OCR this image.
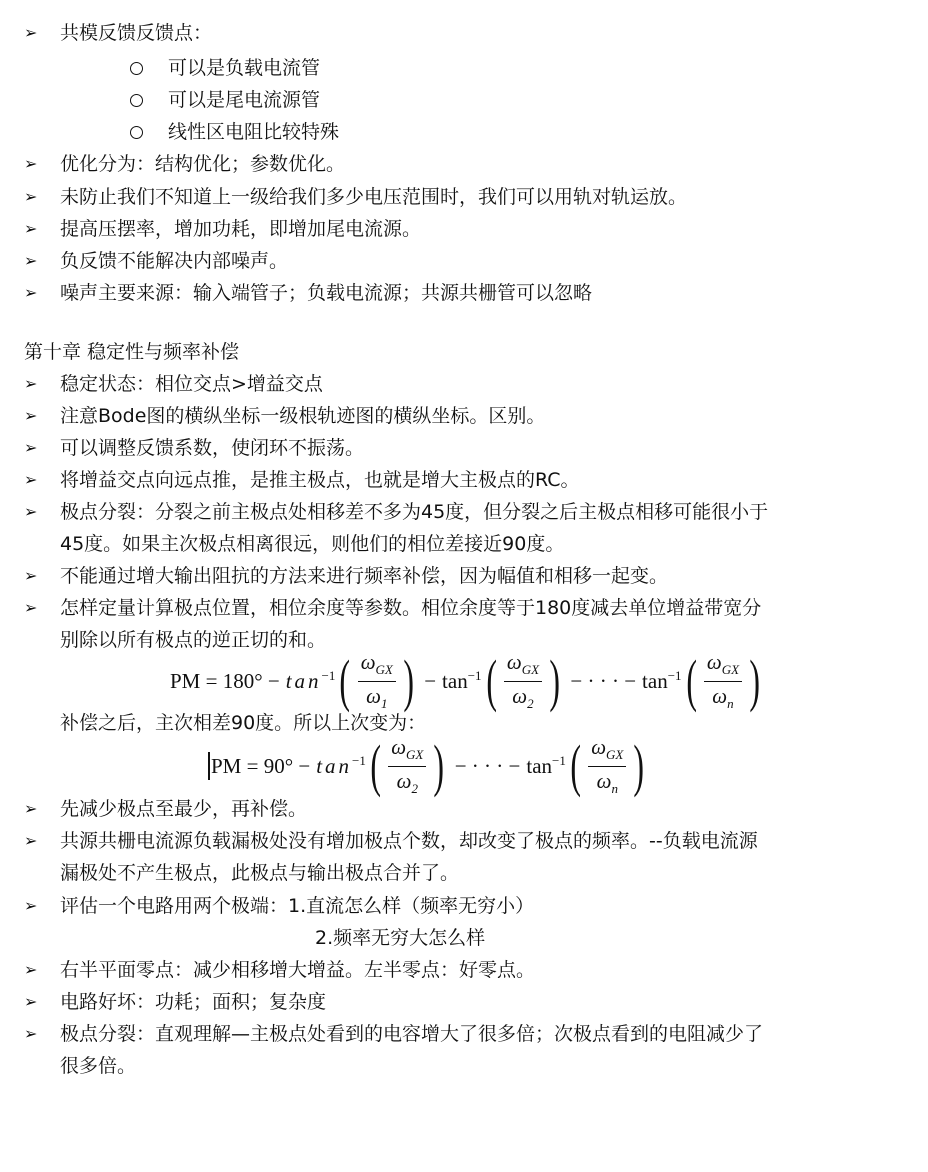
➢ 共模反馈反馈点：
可以是负载电流管
可以是尾电流源管
线性区电阻比较特殊
➢ 优化分为：结构优化；参数优化。
➢ 未防止我们不知道上一级给我们多少电压范围时，我们可以用轨对轨运放。
➢ 提高压摆率，增加功耗，即增加尾电流源。
➢ 负反馈不能解决内部噪声。
➢ 噪声主要来源：输入端管子；负载电流源；共源共栅管可以忽略
第十章 稳定性与频率补偿
➢ 稳定状态：相位交点>增益交点
➢ 注意Bode图的横纵坐标一级根轨迹图的横纵坐标。区别。
➢ 可以调整反馈系数，使闭环不振荡。
➢ 将增益交点向远点推，是推主极点，也就是增大主极点的RC。
➢ 极点分裂：分裂之前主极点处相移差不多为45度，但分裂之后主极点相移可能很小于
45度。如果主次极点相离很远，则他们的相位差接近90度。
➢ 不能通过增大输出阻抗的方法来进行频率补偿，因为幅值和相移一起变。
➢ 怎样定量计算极点位置，相位余度等参数。相位余度等于180度减去单位增益带宽分
别除以所有极点的逆正切的和。
PM = $180^\circ - \tan^{-1}$ ( $\frac{\omega_{GX}}{\omega_1}$ ) − $\tan^{-1}$ ( $\frac{\omega_{GX}}{\omega_2}$ ) − · · · − $\tan^{-1}$ ( $\frac{\omega_{GX}}{\omega_n}$ )
补偿之后，主次相差90度。所以上次变为：
PM = $90^\circ - \tan^{-1}$ ( $\frac{\omega_{GX}}{\omega_2}$ ) − · · · − $\tan^{-1}$ ( $\frac{\omega_{GX}}{\omega_n}$ )
➢ 先减少极点至最少，再补偿。
➢ 共源共栅电流源负载漏极处没有增加极点个数，却改变了极点的频率。--负载电流源
漏极处不产生极点，此极点与输出极点合并了。
➢ 评估一个电路用两个极端：1.直流怎么样（频率无穷小）
2.频率无穷大怎么样
➢ 右半平面零点：减少相移增大增益。左半零点：好零点。
➢ 电路好坏：功耗；面积；复杂度
➢ 极点分裂：直观理解—主极点处看到的电容增大了很多倍；次极点看到的电阻减少了
很多倍。
